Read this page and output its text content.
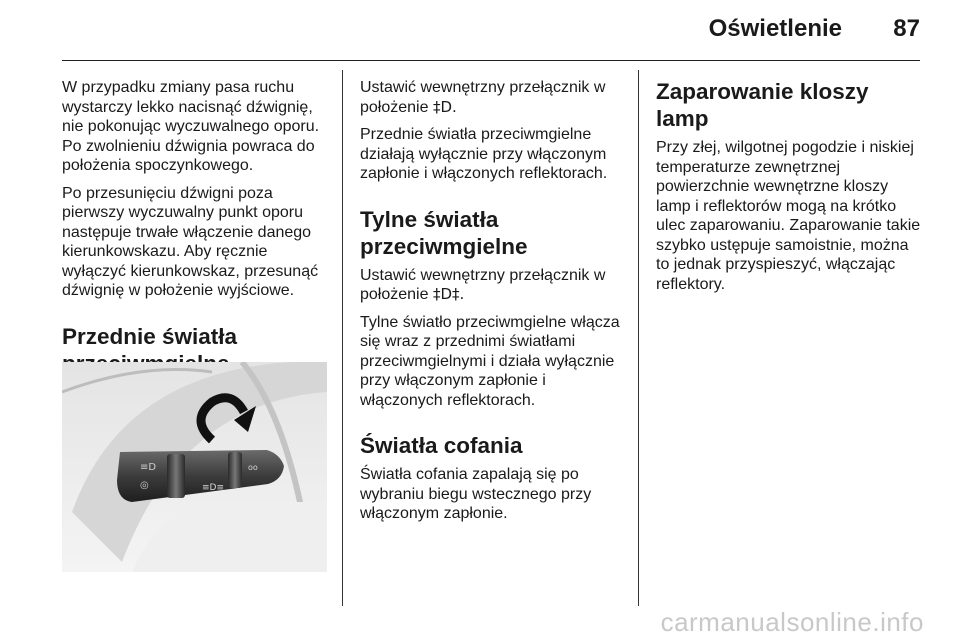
Oświetlenie 87

W przypadku zmiany pasa ruchu wystarczy lekko nacisnąć dźwignię, nie pokonując wyczuwalnego oporu. Po zwolnieniu dźwignia powraca do położenia spoczynkowego.

Po przesunięciu dźwigni poza pierwszy wyczuwalny punkt oporu następuje trwałe włączenie danego kierunkowskazu. Aby ręcznie wyłączyć kierunkowskaz, przesunąć dźwignię w położenie wyjściowe.

Przednie światła
≡D
◎	≡D≡
oo

Ustawić wewnętrzny przełącznik w położenie ‡D.

Przednie światła przeciwmgielne działają wyłącznie przy włączonym zapłonie i włączonych reflektorach.

Tylne światła przeciwmgielne

Ustawić wewnętrzny przełącznik w położenie ‡D‡.

Tylne światło przeciwmgielne włącza się wraz z przednimi światłami przeciwmgielnymi i działa wyłącznie przy włączonym zapłonie i włączonych reflektorach.

Światła cofania

Światła cofania zapalają się po wybraniu biegu wstecznego przy włączonym zapłonie.

Zaparowanie kloszy lamp

Przy złej, wilgotnej pogodzie i niskiej temperaturze zewnętrznej powierzchnie wewnętrzne kloszy lamp i reflektorów mogą na krótko ulec zaparowaniu. Zaparowanie takie szybko ustępuje samoistnie, można to jednak przyspieszyć, włączając reflektory.

carmanualsonline.info
